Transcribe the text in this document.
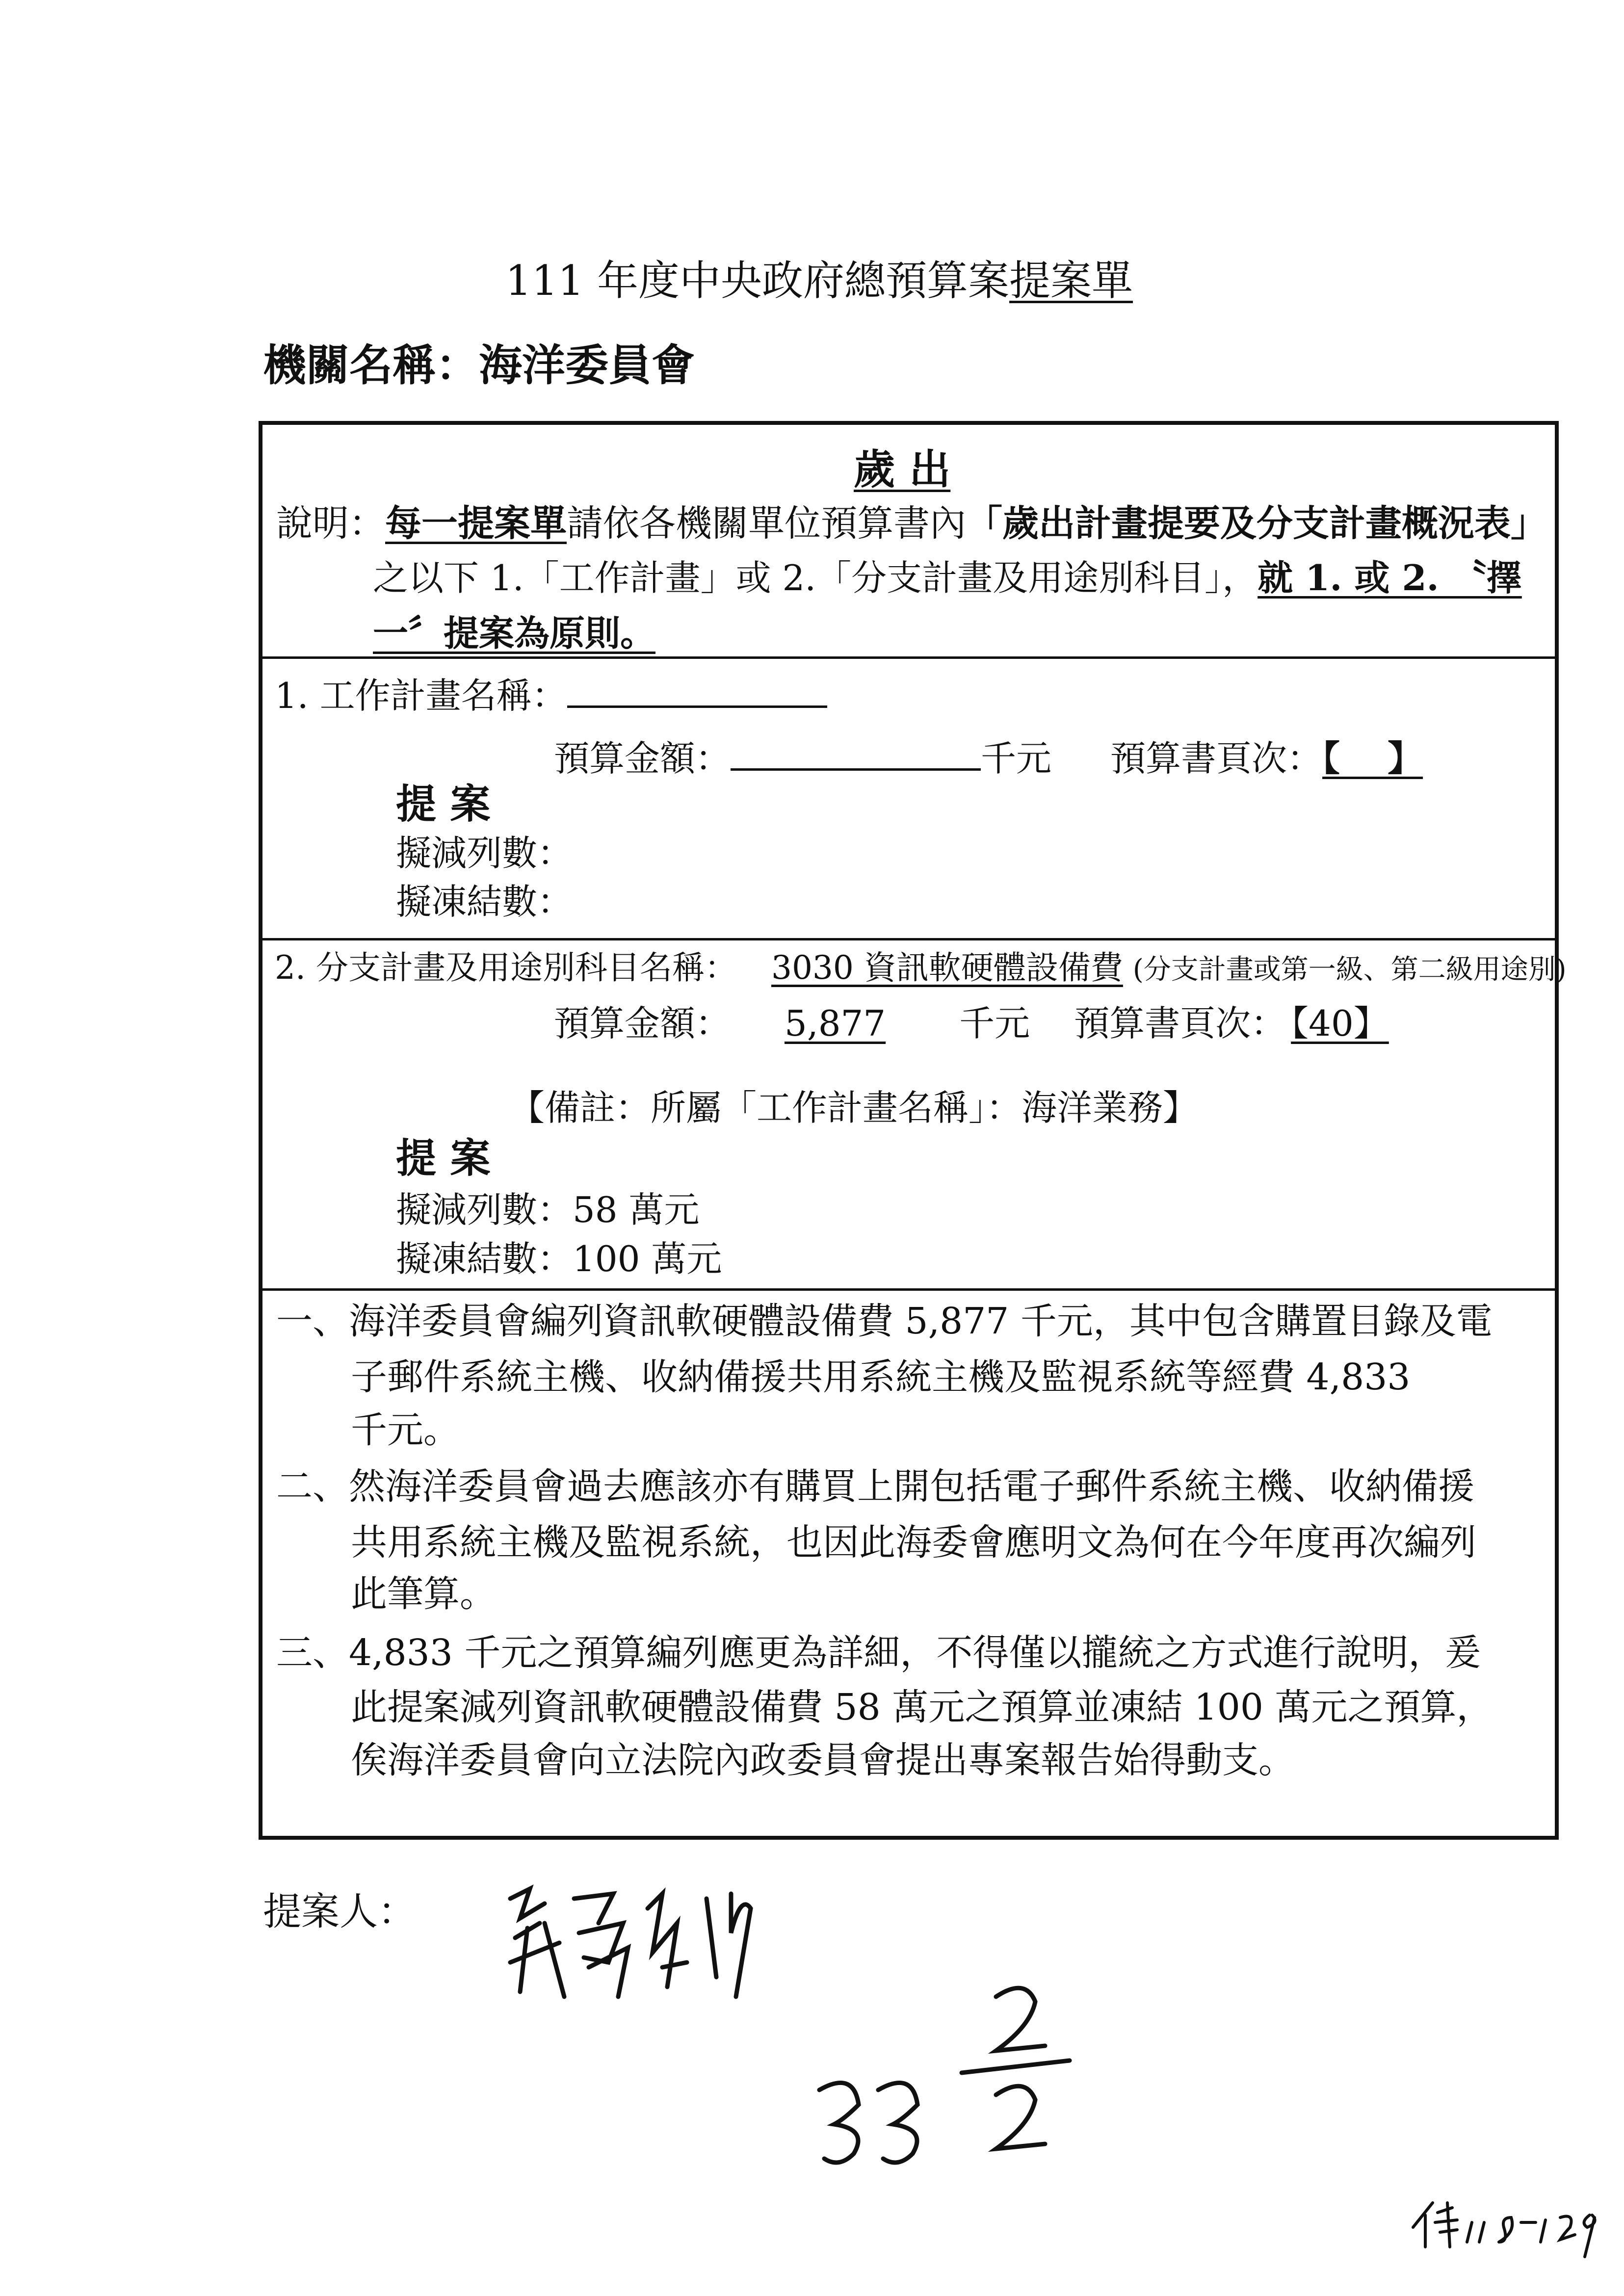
111 年度中央政府總預算案提案單
機關名稱：海洋委員會
歲 出
說明：每一提案單請依各機關單位預算書內「歲出計畫提要及分支計畫概況表」
之以下 1.「工作計畫」或 2.「分支計畫及用途別科目」，就 1. 或 2. 〝擇
一〞提案為原則。
1. 工作計畫名稱：
預算金額：	千元 預算書頁次：【　 】
提 案
擬減列數：
擬凍結數：
2. 分支計畫及用途別科目名稱： 3030 資訊軟硬體設備費 (分支計畫或第一級、第二級用途別)
預算金額： 5,877 千元 預算書頁次： 【40】
【備註：所屬「工作計畫名稱」：海洋業務】
提 案
擬減列數：58 萬元
擬凍結數：100 萬元
一、海洋委員會編列資訊軟硬體設備費 5,877 千元，其中包含購置目錄及電
子郵件系統主機、收納備援共用系統主機及監視系統等經費 4,833
千元。
二、然海洋委員會過去應該亦有購買上開包括電子郵件系統主機、收納備援
共用系統主機及監視系統，也因此海委會應明文為何在今年度再次編列
此筆算。
三、4,833 千元之預算編列應更為詳細，不得僅以攏統之方式進行說明，爰
此提案減列資訊軟硬體設備費 58 萬元之預算並凍結 100 萬元之預算，
俟海洋委員會向立法院內政委員會提出專案報告始得動支。
提案人：
